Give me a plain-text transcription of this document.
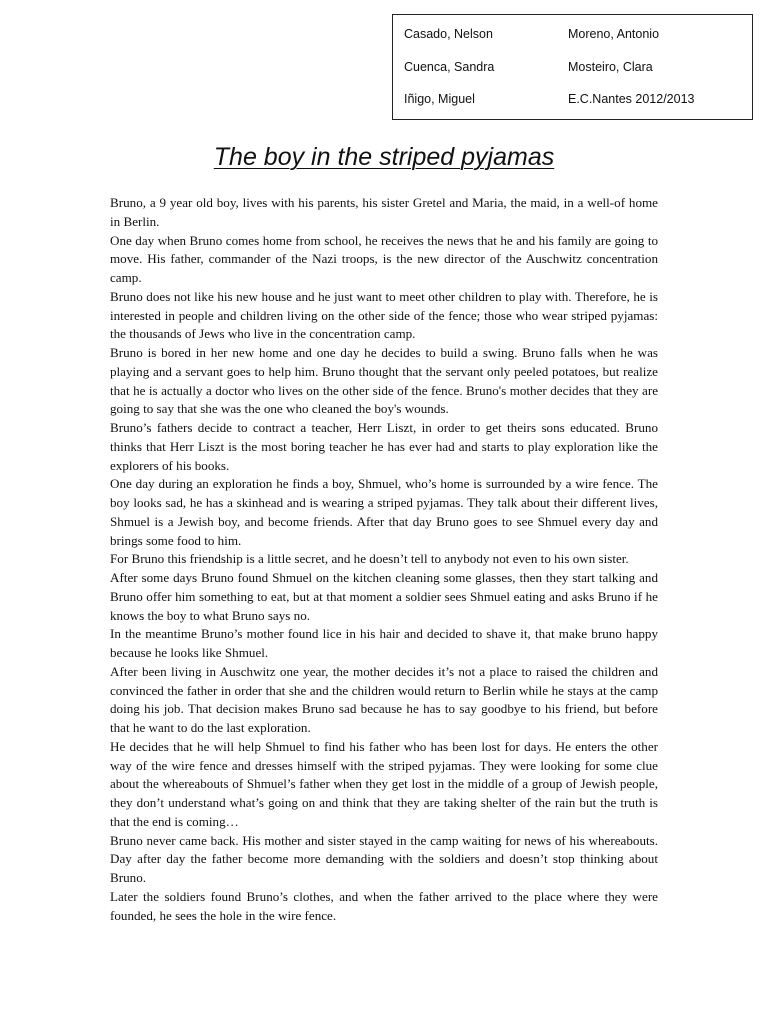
Casado, Nelson	Moreno, Antonio
Cuenca, Sandra	Mosteiro, Clara
Iñigo, Miguel	E.C.Nantes 2012/2013
The boy in the striped pyjamas

Bruno, a 9 year old boy, lives with his parents, his sister Gretel and Maria, the maid, in a well-of home in Berlin.

One day when Bruno comes home from school, he receives the news that he and his family are going to move. His father, commander of the Nazi troops, is the new director of the Auschwitz concentration camp.

Bruno does not like his new house and he just want to meet other children to play with. Therefore, he is interested in people and children living on the other side of the fence; those who wear striped pyjamas: the thousands of Jews who live in the concentration camp.

Bruno is bored in her new home and one day he decides to build a swing. Bruno falls when he was playing and a servant goes to help him. Bruno thought that the servant only peeled potatoes, but realize that he is actually a doctor who lives on the other side of the fence. Bruno's mother decides that they are going to say that she was the one who cleaned the boy's wounds.

Bruno’s fathers decide to contract a teacher, Herr Liszt, in order to get theirs sons educated. Bruno thinks that Herr Liszt is the most boring teacher he has ever had and starts to play exploration like the explorers of his books.

One day during an exploration he finds a boy, Shmuel, who’s home is surrounded by a wire fence. The boy looks sad, he has a skinhead and is wearing a striped pyjamas. They talk about their different lives, Shmuel is a Jewish boy, and become friends. After that day Bruno goes to see Shmuel every day and brings some food to him.

For Bruno this friendship is a little secret, and he doesn’t tell to anybody not even to his own sister.

After some days Bruno found Shmuel on the kitchen cleaning some glasses, then they start talking and Bruno offer him something to eat, but at that moment a soldier sees Shmuel eating and asks Bruno if he knows the boy to what Bruno says no.

In the meantime Bruno’s mother found lice in his hair and decided to shave it, that make bruno happy because he looks like Shmuel.

After been living in Auschwitz one year, the mother decides it’s not a place to raised the children and convinced the father in order that she and the children would return to Berlin while he stays at the camp doing his job. That decision makes Bruno sad because he has to say goodbye to his friend, but before that he want to do the last exploration.

He decides that he will help Shmuel to find his father who has been lost for days. He enters the other way of the wire fence and dresses himself with the striped pyjamas. They were looking for some clue about the whereabouts of Shmuel’s father when they get lost in the middle of a group of Jewish people, they don’t understand what’s going on and think that they are taking shelter of the rain but the truth is that the end is coming…

Bruno never came back. His mother and sister stayed in the camp waiting for news of his whereabouts. Day after day the father become more demanding with the soldiers and doesn’t stop thinking about Bruno.

Later the soldiers found Bruno’s clothes, and when the father arrived to the place where they were founded, he sees the hole in the wire fence.
